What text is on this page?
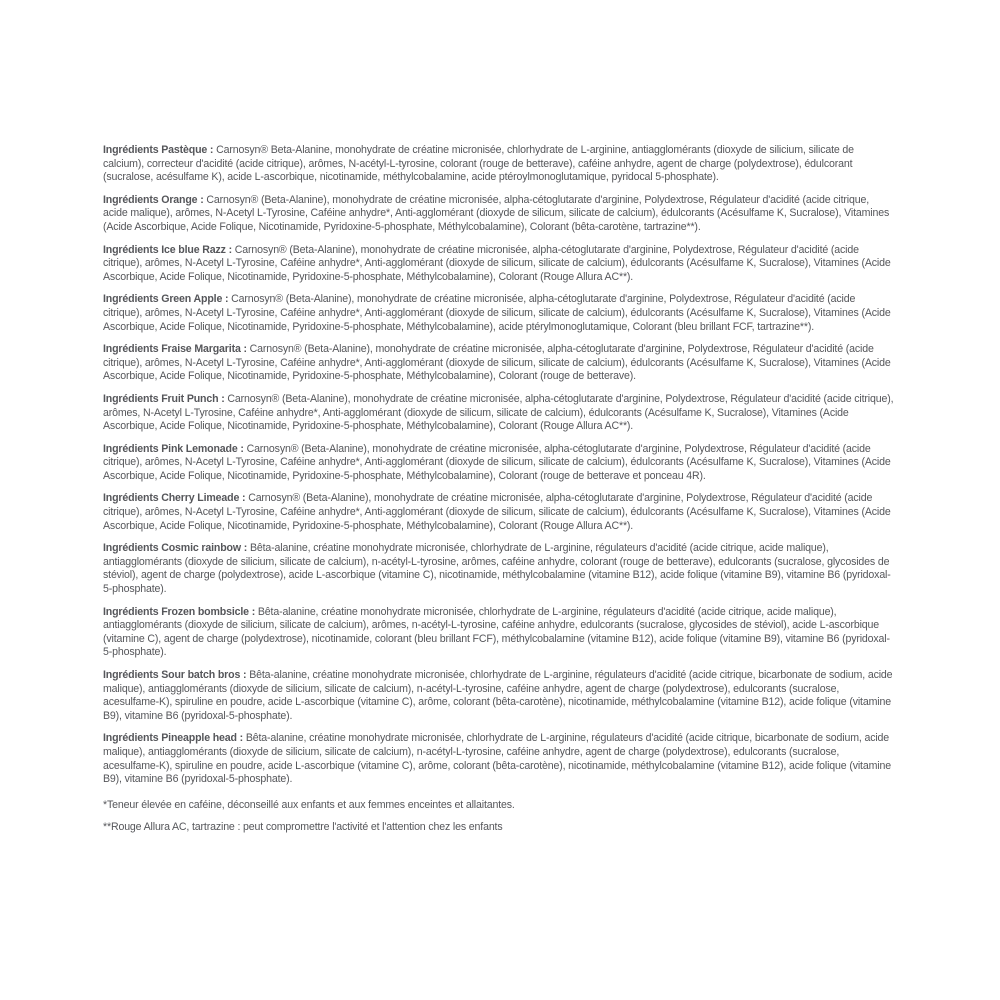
Ingrédients Pastèque : Carnosyn® Beta-Alanine, monohydrate de créatine micronisée, chlorhydrate de L-arginine, antiagglomérants (dioxyde de silicium, silicate de calcium), correcteur d'acidité (acide citrique), arômes, N-acétyl-L-tyrosine, colorant (rouge de betterave), caféine anhydre, agent de charge (polydextrose), édulcorant (sucralose, acésulfame K), acide L-ascorbique, nicotinamide, méthylcobalamine, acide ptéroylmonoglutamique, pyridocal 5-phosphate).

Ingrédients Orange : Carnosyn® (Beta-Alanine), monohydrate de créatine micronisée, alpha-cétoglutarate d'arginine, Polydextrose, Régulateur d'acidité (acide citrique, acide malique), arômes, N-Acetyl L-Tyrosine, Caféine anhydre*, Anti-agglomérant (dioxyde de silicum, silicate de calcium), édulcorants (Acésulfame K, Sucralose), Vitamines (Acide Ascorbique, Acide Folique, Nicotinamide, Pyridoxine-5-phosphate, Méthylcobalamine), Colorant (bêta-carotène, tartrazine**).

Ingrédients Ice blue Razz : Carnosyn® (Beta-Alanine), monohydrate de créatine micronisée, alpha-cétoglutarate d'arginine, Polydextrose, Régulateur d'acidité (acide citrique), arômes, N-Acetyl L-Tyrosine, Caféine anhydre*, Anti-agglomérant (dioxyde de silicum, silicate de calcium), édulcorants (Acésulfame K, Sucralose), Vitamines (Acide Ascorbique, Acide Folique, Nicotinamide, Pyridoxine-5-phosphate, Méthylcobalamine), Colorant (Rouge Allura AC**).

Ingrédients Green Apple : Carnosyn® (Beta-Alanine), monohydrate de créatine micronisée, alpha-cétoglutarate d'arginine, Polydextrose, Régulateur d'acidité (acide citrique), arômes, N-Acetyl L-Tyrosine, Caféine anhydre*, Anti-agglomérant (dioxyde de silicum, silicate de calcium), édulcorants (Acésulfame K, Sucralose), Vitamines (Acide Ascorbique, Acide Folique, Nicotinamide, Pyridoxine-5-phosphate, Méthylcobalamine), acide ptérylmonoglutamique, Colorant (bleu brillant FCF, tartrazine**).

Ingrédients Fraise Margarita : Carnosyn® (Beta-Alanine), monohydrate de créatine micronisée, alpha-cétoglutarate d'arginine, Polydextrose, Régulateur d'acidité (acide citrique), arômes, N-Acetyl L-Tyrosine, Caféine anhydre*, Anti-agglomérant (dioxyde de silicum, silicate de calcium), édulcorants (Acésulfame K, Sucralose), Vitamines (Acide Ascorbique, Acide Folique, Nicotinamide, Pyridoxine-5-phosphate, Méthylcobalamine), Colorant (rouge de betterave).

Ingrédients Fruit Punch : Carnosyn® (Beta-Alanine), monohydrate de créatine micronisée, alpha-cétoglutarate d'arginine, Polydextrose, Régulateur d'acidité (acide citrique), arômes, N-Acetyl L-Tyrosine, Caféine anhydre*, Anti-agglomérant (dioxyde de silicum, silicate de calcium), édulcorants (Acésulfame K, Sucralose), Vitamines (Acide Ascorbique, Acide Folique, Nicotinamide, Pyridoxine-5-phosphate, Méthylcobalamine), Colorant (Rouge Allura AC**).

Ingrédients Pink Lemonade : Carnosyn® (Beta-Alanine), monohydrate de créatine micronisée, alpha-cétoglutarate d'arginine, Polydextrose, Régulateur d'acidité (acide citrique), arômes, N-Acetyl L-Tyrosine, Caféine anhydre*, Anti-agglomérant (dioxyde de silicum, silicate de calcium), édulcorants (Acésulfame K, Sucralose), Vitamines (Acide Ascorbique, Acide Folique, Nicotinamide, Pyridoxine-5-phosphate, Méthylcobalamine), Colorant (rouge de betterave et ponceau 4R).

Ingrédients Cherry Limeade : Carnosyn® (Beta-Alanine), monohydrate de créatine micronisée, alpha-cétoglutarate d'arginine, Polydextrose, Régulateur d'acidité (acide citrique), arômes, N-Acetyl L-Tyrosine, Caféine anhydre*, Anti-agglomérant (dioxyde de silicum, silicate de calcium), édulcorants (Acésulfame K, Sucralose), Vitamines (Acide Ascorbique, Acide Folique, Nicotinamide, Pyridoxine-5-phosphate, Méthylcobalamine), Colorant (Rouge Allura AC**).

Ingrédients Cosmic rainbow : Bêta-alanine, créatine monohydrate micronisée, chlorhydrate de L-arginine, régulateurs d'acidité (acide citrique, acide malique), antiagglomérants (dioxyde de silicium, silicate de calcium), n-acétyl-L-tyrosine, arômes, caféine anhydre, colorant (rouge de betterave), edulcorants (sucralose, glycosides de stéviol), agent de charge (polydextrose), acide L-ascorbique (vitamine C), nicotinamide, méthylcobalamine (vitamine B12), acide folique (vitamine B9), vitamine B6 (pyridoxal-5-phosphate).

Ingrédients Frozen bombsicle : Bêta-alanine, créatine monohydrate micronisée, chlorhydrate de L-arginine, régulateurs d'acidité (acide citrique, acide malique), antiagglomérants (dioxyde de silicium, silicate de calcium), arômes, n-acétyl-L-tyrosine, caféine anhydre, edulcorants (sucralose, glycosides de stéviol), acide L-ascorbique (vitamine C), agent de charge (polydextrose), nicotinamide, colorant (bleu brillant FCF), méthylcobalamine (vitamine B12), acide folique (vitamine B9), vitamine B6 (pyridoxal-5-phosphate).

Ingrédients Sour batch bros : Bêta-alanine, créatine monohydrate micronisée, chlorhydrate de L-arginine, régulateurs d'acidité (acide citrique, bicarbonate de sodium, acide malique), antiagglomérants (dioxyde de silicium, silicate de calcium), n-acétyl-L-tyrosine, caféine anhydre, agent de charge (polydextrose), edulcorants (sucralose, acesulfame-K), spiruline en poudre, acide L-ascorbique (vitamine C), arôme, colorant (bêta-carotène), nicotinamide, méthylcobalamine (vitamine B12), acide folique (vitamine B9), vitamine B6 (pyridoxal-5-phosphate).

Ingrédients Pineapple head : Bêta-alanine, créatine monohydrate micronisée, chlorhydrate de L-arginine, régulateurs d'acidité (acide citrique, bicarbonate de sodium, acide malique), antiagglomérants (dioxyde de silicium, silicate de calcium), n-acétyl-L-tyrosine, caféine anhydre, agent de charge (polydextrose), edulcorants (sucralose, acesulfame-K), spiruline en poudre, acide L-ascorbique (vitamine C), arôme, colorant (bêta-carotène), nicotinamide, méthylcobalamine (vitamine B12), acide folique (vitamine B9), vitamine B6 (pyridoxal-5-phosphate).

*Teneur élevée en caféine, déconseillé aux enfants et aux femmes enceintes et allaitantes.

**Rouge Allura AC, tartrazine : peut compromettre l'activité et l'attention chez les enfants
